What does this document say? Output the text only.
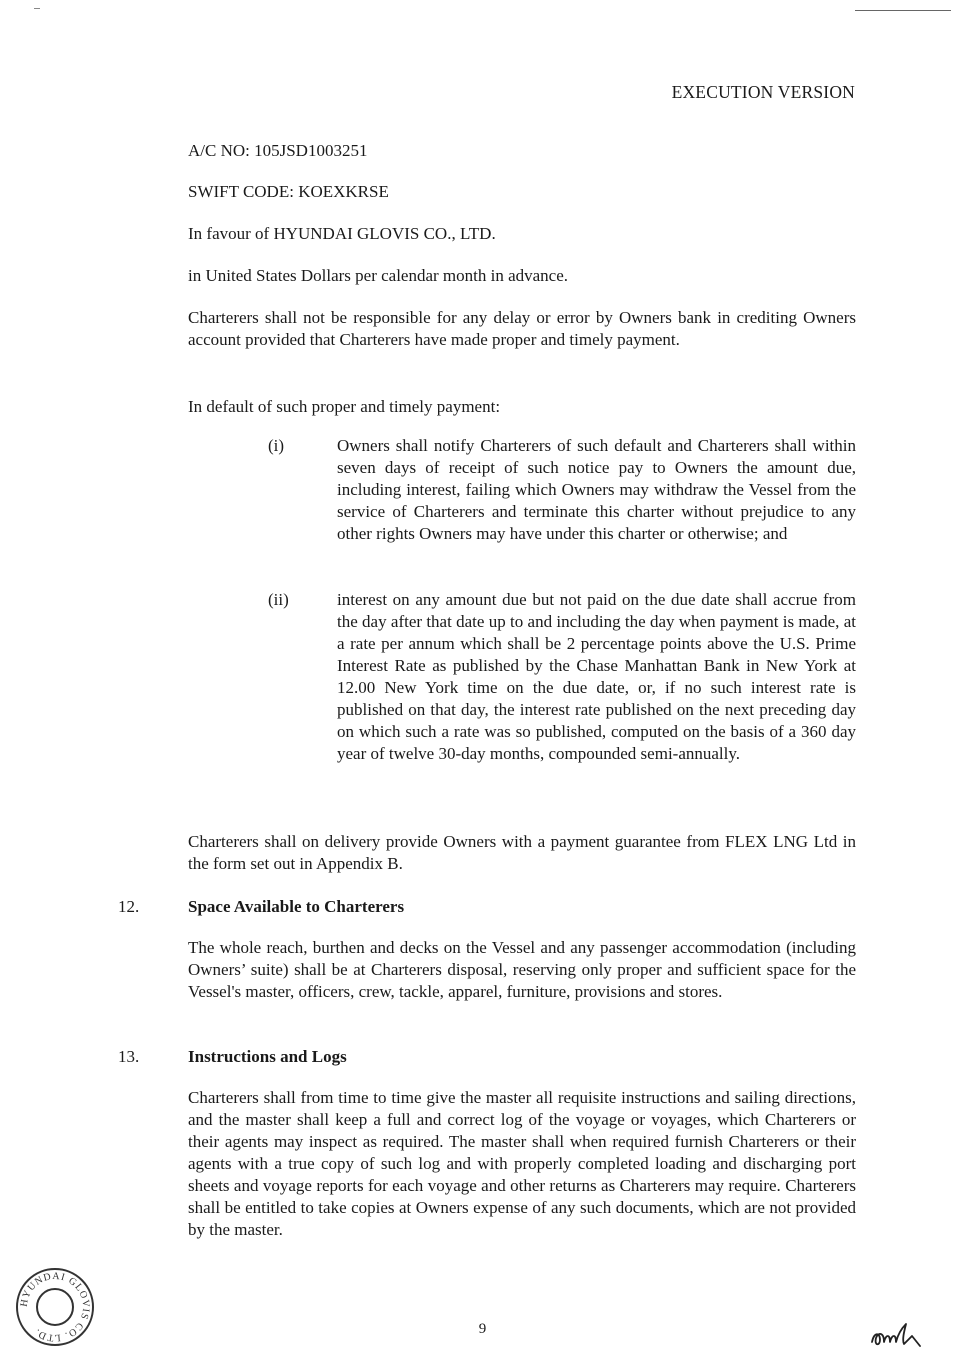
EXECUTION VERSION
A/C NO: 105JSD1003251
SWIFT CODE: KOEXKRSE
In favour of HYUNDAI GLOVIS CO., LTD.
in United States Dollars per calendar month in advance.
Charterers shall not be responsible for any delay or error by Owners bank in crediting Owners account provided that Charterers have made proper and timely payment.
In default of such proper and timely payment:
(i)	Owners shall notify Charterers of such default and Charterers shall within seven days of receipt of such notice pay to Owners the amount due, including interest, failing which Owners may withdraw the Vessel from the service of Charterers and terminate this charter without prejudice to any other rights Owners may have under this charter or otherwise; and
(ii)	interest on any amount due but not paid on the due date shall accrue from the day after that date up to and including the day when payment is made, at a rate per annum which shall be 2 percentage points above the U.S. Prime Interest Rate as published by the Chase Manhattan Bank in New York at 12.00 New York time on the due date, or, if no such interest rate is published on that day, the interest rate published on the next preceding day on which such a rate was so published, computed on the basis of a 360 day year of twelve 30-day months, compounded semi-annually.
Charterers shall on delivery provide Owners with a payment guarantee from FLEX LNG Ltd in the form set out in Appendix B.
12.	Space Available to Charterers
The whole reach, burthen and decks on the Vessel and any passenger accommodation (including Owners’ suite) shall be at Charterers disposal, reserving only proper and sufficient space for the Vessel's master, officers, crew, tackle, apparel, furniture, provisions and stores.
13.	Instructions and Logs
Charterers shall from time to time give the master all requisite instructions and sailing directions, and the master shall keep a full and correct log of the voyage or voyages, which Charterers or their agents may inspect as required. The master shall when required furnish Charterers or their agents with a true copy of such log and with properly completed loading and discharging port sheets and voyage reports for each voyage and other returns as Charterers may require. Charterers shall be entitled to take copies at Owners expense of any such documents, which are not provided by the master.
HYUNDAI GLOVIS CO. LTD.	9
